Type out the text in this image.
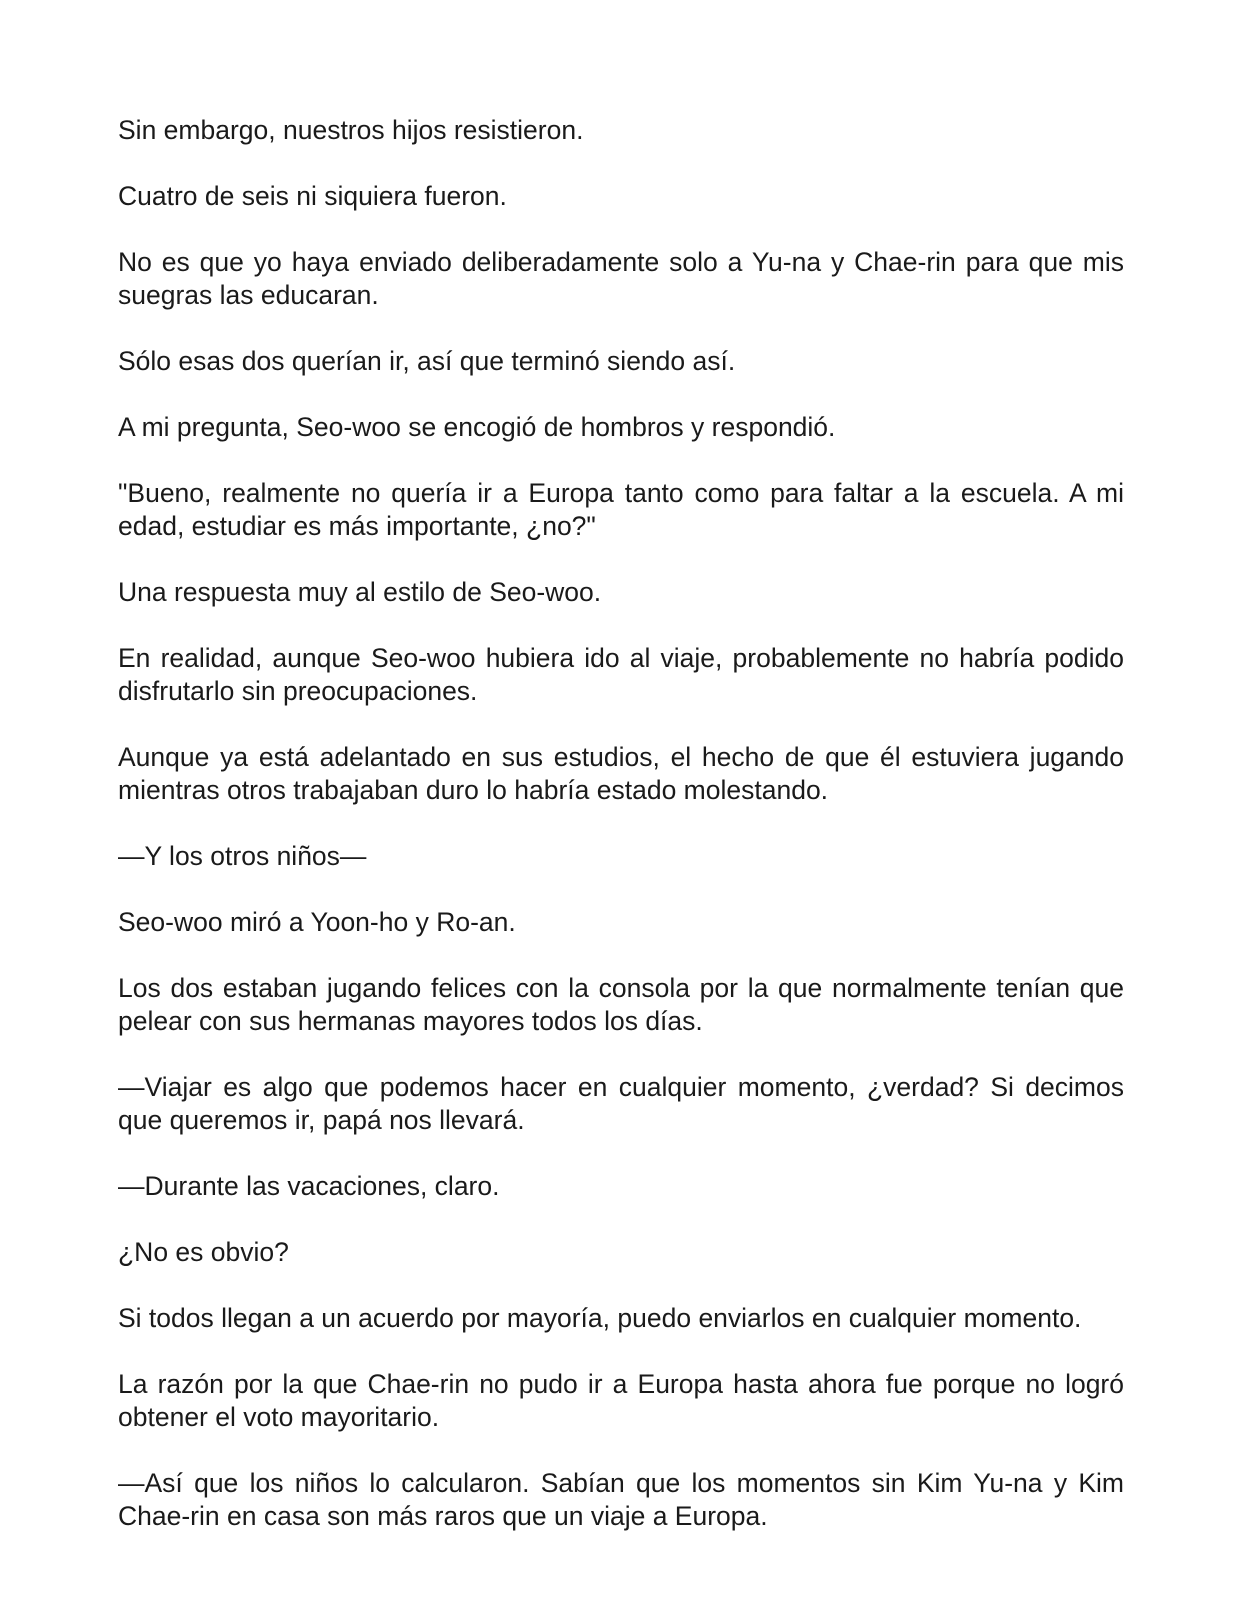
Sin embargo, nuestros hijos resistieron.

Cuatro de seis ni siquiera fueron.

No es que yo haya enviado deliberadamente solo a Yu-na y Chae-rin para que mis suegras las educaran.

Sólo esas dos querían ir, así que terminó siendo así.

A mi pregunta, Seo-woo se encogió de hombros y respondió.

"Bueno, realmente no quería ir a Europa tanto como para faltar a la escuela. A mi edad, estudiar es más importante, ¿no?"

Una respuesta muy al estilo de Seo-woo.

En realidad, aunque Seo-woo hubiera ido al viaje, probablemente no habría podido disfrutarlo sin preocupaciones.

Aunque ya está adelantado en sus estudios, el hecho de que él estuviera jugando mientras otros trabajaban duro lo habría estado molestando.

—Y los otros niños—

Seo-woo miró a Yoon-ho y Ro-an.

Los dos estaban jugando felices con la consola por la que normalmente tenían que pelear con sus hermanas mayores todos los días.

—Viajar es algo que podemos hacer en cualquier momento, ¿verdad? Si decimos que queremos ir, papá nos llevará.

—Durante las vacaciones, claro.

¿No es obvio?

Si todos llegan a un acuerdo por mayoría, puedo enviarlos en cualquier momento.

La razón por la que Chae-rin no pudo ir a Europa hasta ahora fue porque no logró obtener el voto mayoritario.

—Así que los niños lo calcularon. Sabían que los momentos sin Kim Yu-na y Kim Chae-rin en casa son más raros que un viaje a Europa.
